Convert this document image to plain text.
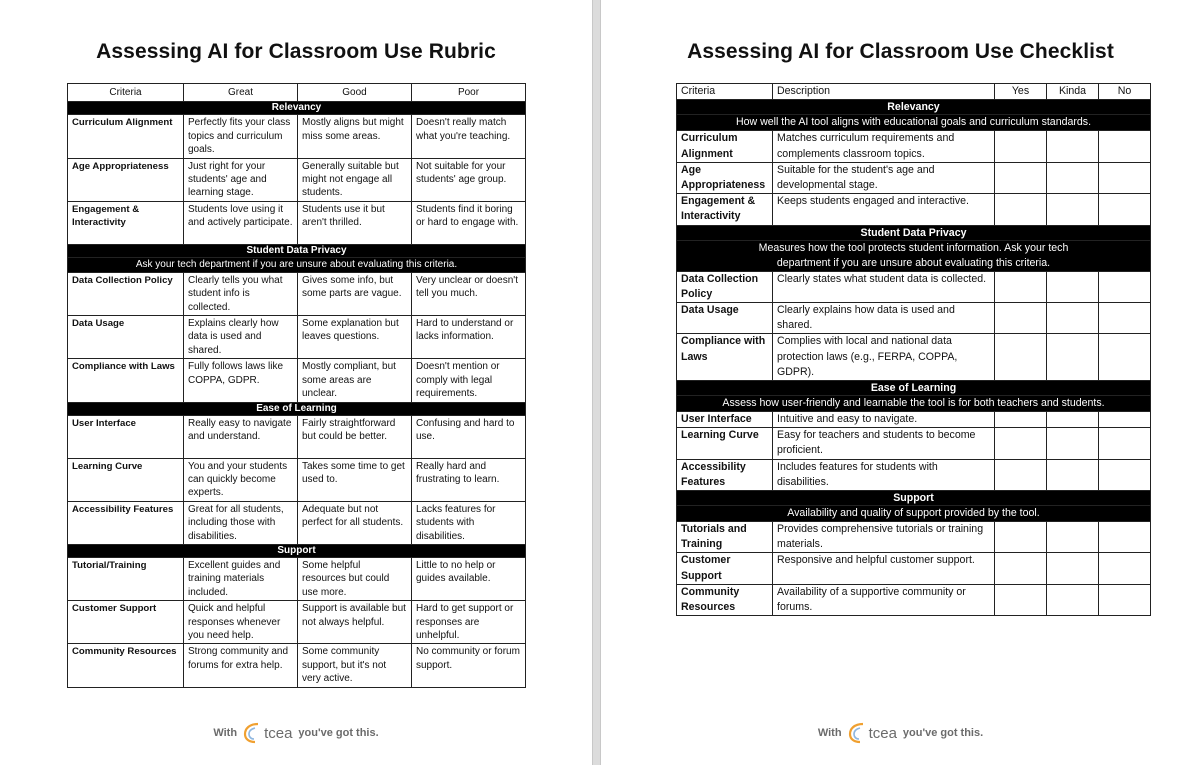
Assessing AI for Classroom Use Rubric
Criteria	Great	Good	Poor
Relevancy			
Curriculum Alignment	Perfectly fits your class topics and curriculum goals.	Mostly aligns but might miss some areas.	Doesn't really match what you're teaching.
Age Appropriateness	Just right for your students' age and learning stage.	Generally suitable but might not engage all students.	Not suitable for your students' age group.
Engagement & Interactivity	Students love using it and actively participate.	Students use it but aren't thrilled.	Students find it boring or hard to engage with.
Student Data Privacy			
Ask your tech department if you are unsure about evaluating this criteria.			
Data Collection Policy	Clearly tells you what student info is collected.	Gives some info, but some parts are vague.	Very unclear or doesn't tell you much.
Data Usage	Explains clearly how data is used and shared.	Some explanation but leaves questions.	Hard to understand or lacks information.
Compliance with Laws	Fully follows laws like COPPA, GDPR.	Mostly compliant, but some areas are unclear.	Doesn't mention or comply with legal requirements.
Ease of Learning			
User Interface	Really easy to navigate and understand.	Fairly straightforward but could be better.	Confusing and hard to use.
Learning Curve	You and your students can quickly become experts.	Takes some time to get used to.	Really hard and frustrating to learn.
Accessibility Features	Great for all students, including those with disabilities.	Adequate but not perfect for all students.	Lacks features for students with disabilities.
Support			
Tutorial/Training	Excellent guides and training materials included.	Some helpful resources but could use more.	Little to no help or guides available.
Customer Support	Quick and helpful responses whenever you need help.	Support is available but not always helpful.	Hard to get support or responses are unhelpful.
Community Resources	Strong community and forums for extra help.	Some community support, but it's not very active.	No community or forum support.
With tcea you've got this.
Assessing AI for Classroom Use Checklist
With tcea you've got this.
Criteria	Description	Yes	Kinda	No
Relevancy				
How well the AI tool aligns with educational goals and curriculum standards.				
Curriculum Alignment	Matches curriculum requirements and complements classroom topics.			
Age Appropriateness	Suitable for the student's age and developmental stage.			
Engagement & Interactivity	Keeps students engaged and interactive.			
Student Data Privacy				
Measures how the tool protects student information. Ask your tech department if you are unsure about evaluating this criteria.				
Data Collection Policy	Clearly states what student data is collected.			
Data Usage	Clearly explains how data is used and shared.			
Compliance with Laws	Complies with local and national data protection laws (e.g., FERPA, COPPA, GDPR).			
Ease of Learning				
Assess how user-friendly and learnable the tool is for both teachers and students.				
User Interface	Intuitive and easy to navigate.			
Learning Curve	Easy for teachers and students to become proficient.			
Accessibility Features	Includes features for students with disabilities.			
Support				
Availability and quality of support provided by the tool.				
Tutorials and Training	Provides comprehensive tutorials or training materials.			
Customer Support	Responsive and helpful customer support.			
Community Resources	Availability of a supportive community or forums.			
